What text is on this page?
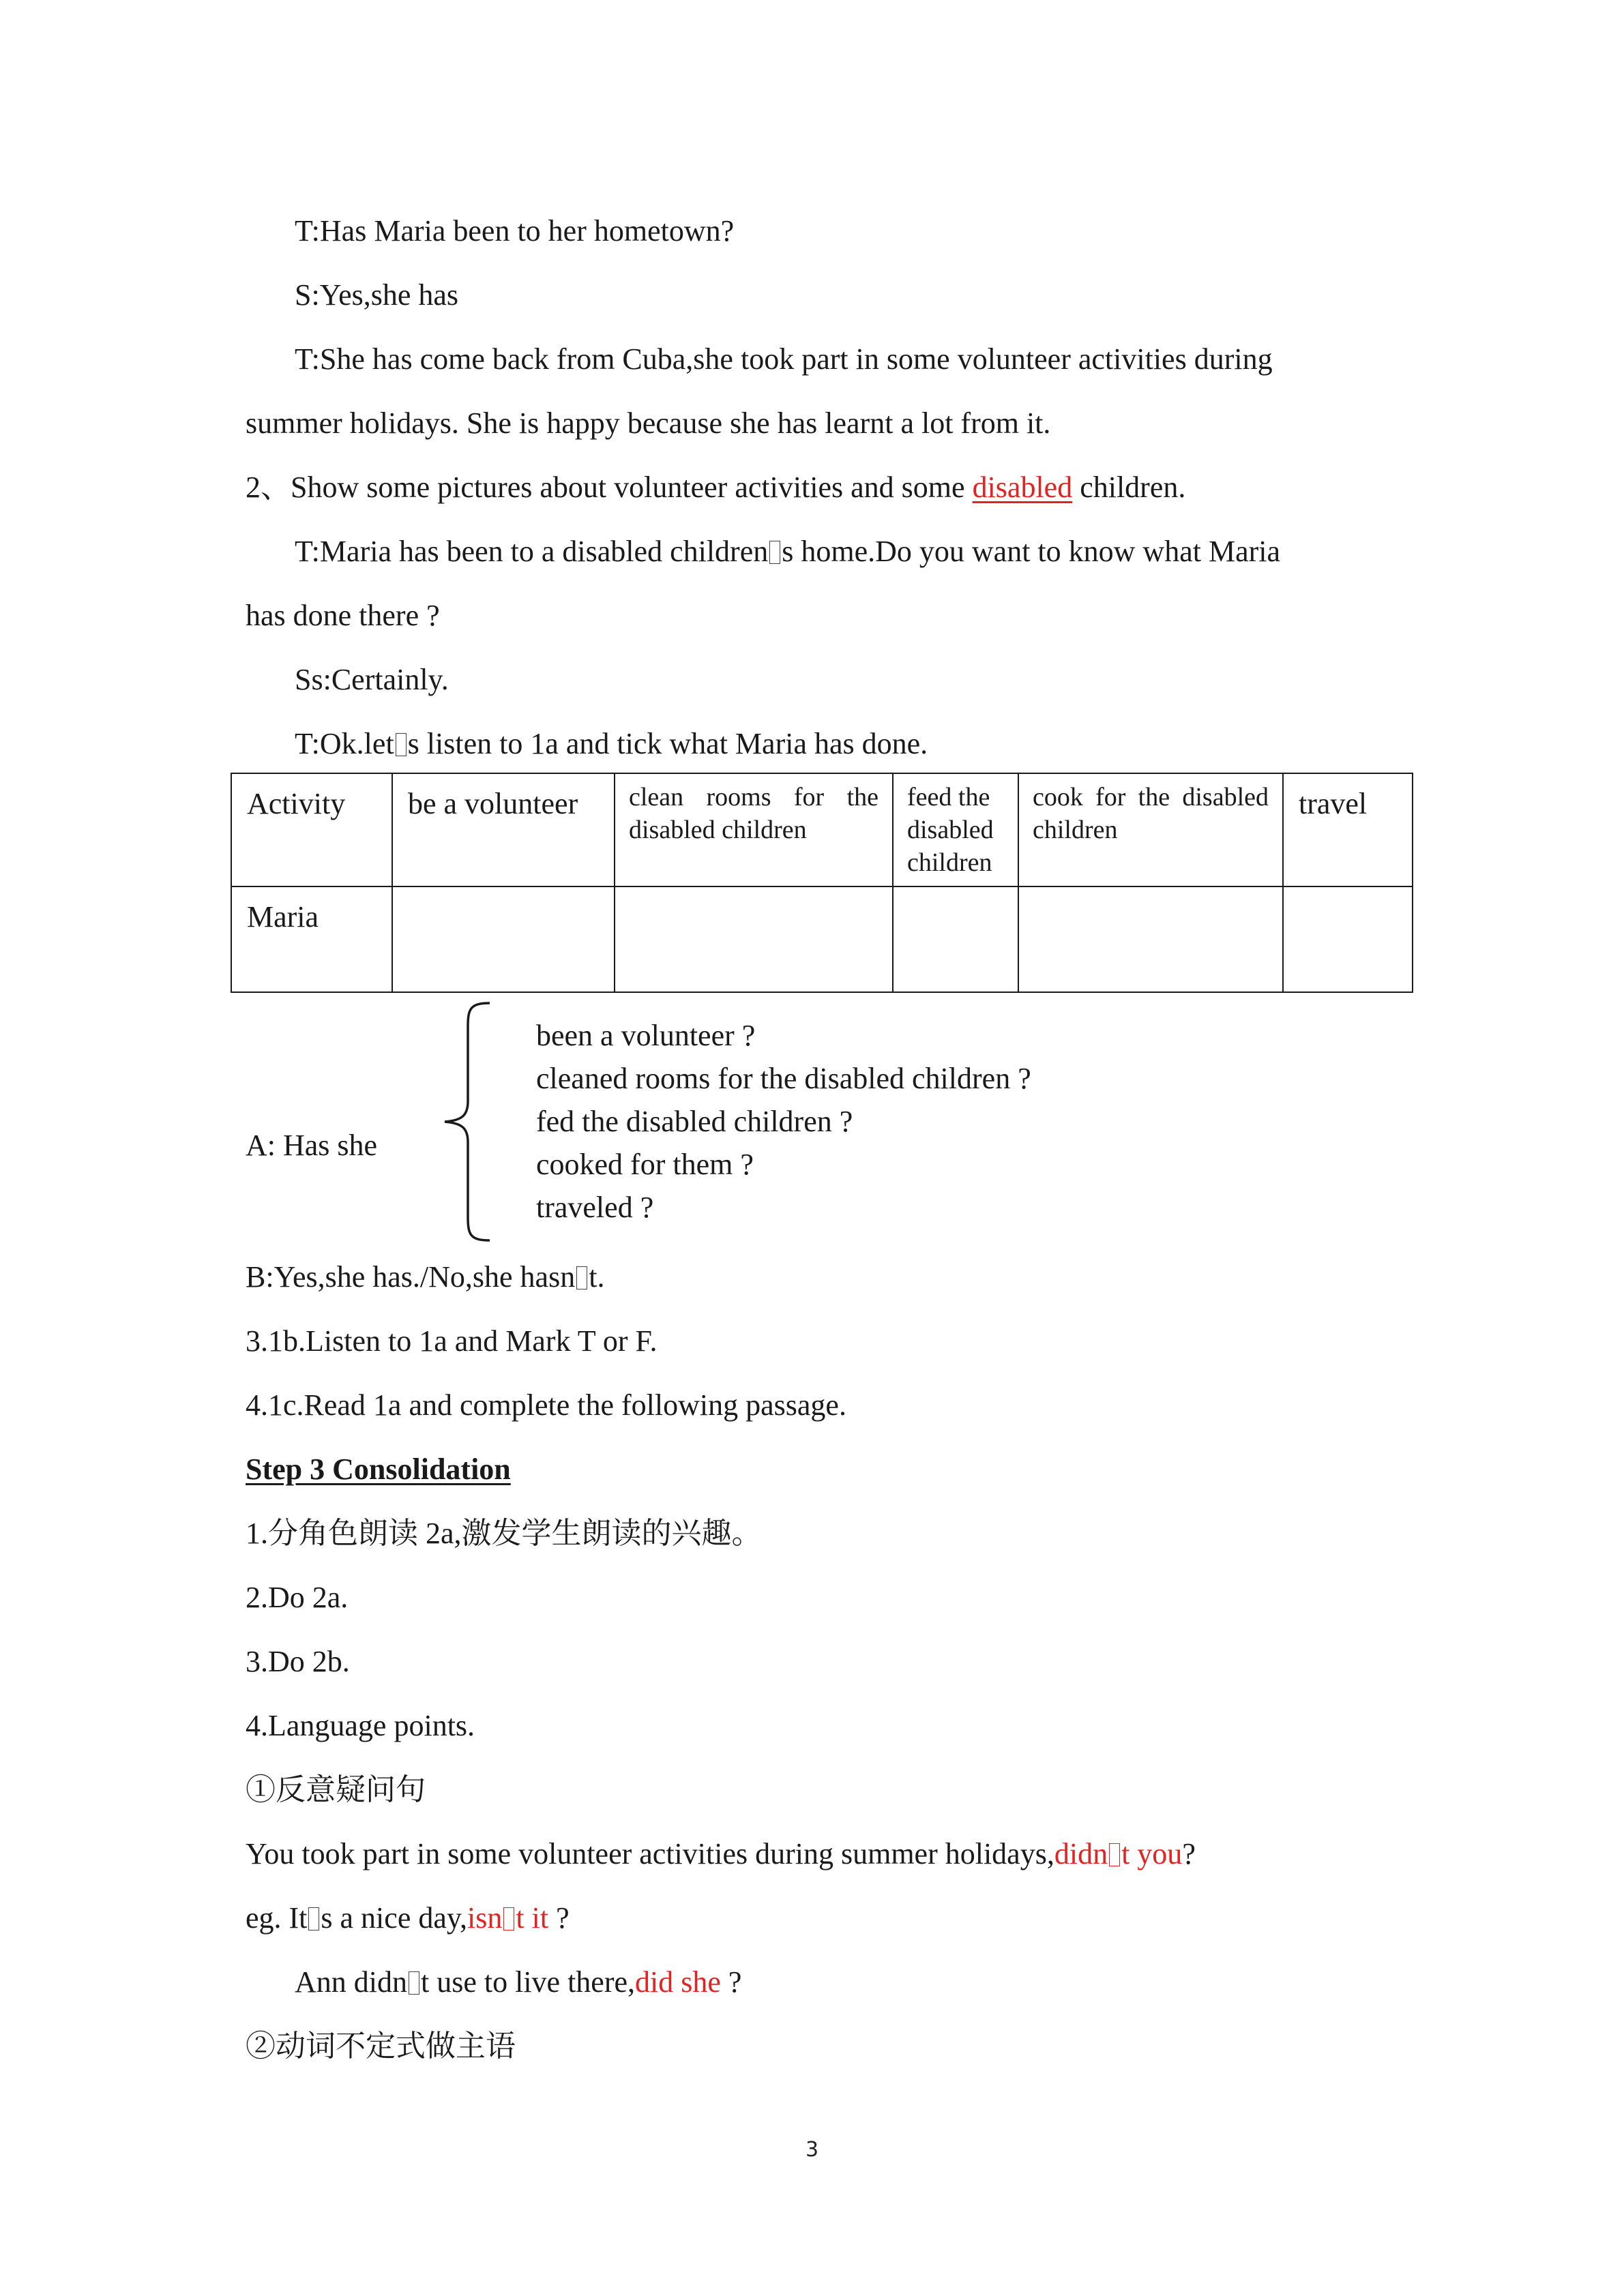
T:Has Maria been to her hometown?
S:Yes,she has
T:She has come back from Cuba,she took part in some volunteer activities during
summer holidays. She is happy because she has learnt a lot from it.
2、Show some pictures about volunteer activities and some disabled children.
T:Maria has been to a disabled children s home.Do you want to know what Maria
has done there ?
Ss:Certainly.
T:Ok.let s listen to 1a and tick what Maria has done.
Activity	be a volunteer	clean rooms for the disabled children	feed the disabled children	cook for the disabled children	travel
Maria					
A: Has she
been a volunteer ?
cleaned rooms for the disabled children ?
fed the disabled children ?
cooked for them ?
traveled ?
B:Yes,she has./No,she hasn t.
3.1b.Listen to 1a and Mark T or F.
4.1c.Read 1a and complete the following passage.
Step 3 Consolidation
1.分角色朗读 2a,激发学生朗读的兴趣。
2.Do 2a.
3.Do 2b.
4.Language points.
①反意疑问句
You took part in some volunteer activities during summer holidays,didn t you?
eg. It s a nice day,isn t it ?
Ann didn t use to live there,did she ?
②动词不定式做主语
3
